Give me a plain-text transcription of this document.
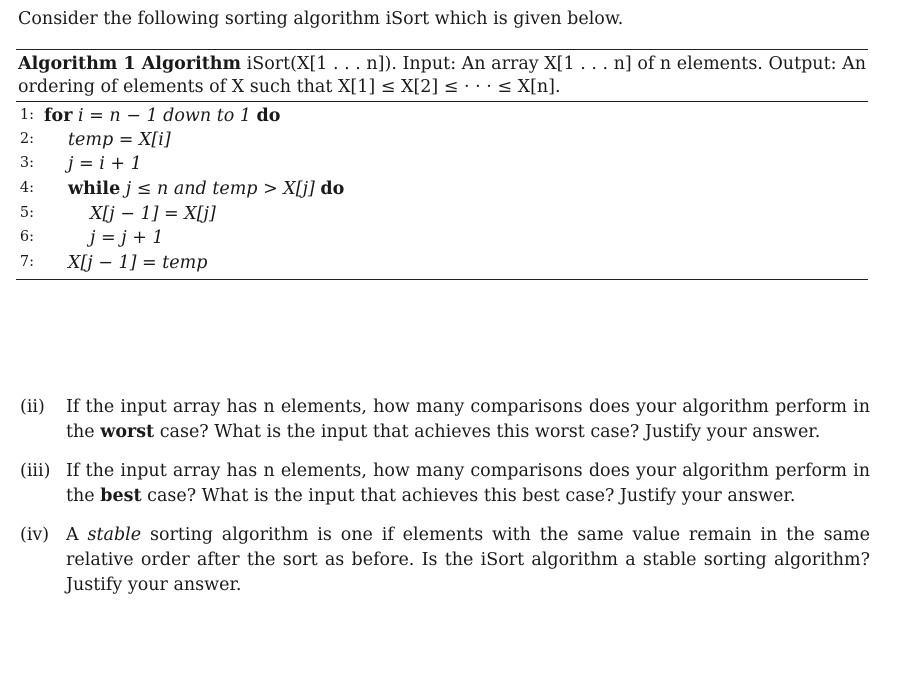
Consider the following sorting algorithm iSort which is given below.
Algorithm 1 Algorithm iSort(X[1 . . . n]). Input: An array X[1 . . . n] of n elements. Output: An ordering of elements of X such that X[1] ≤ X[2] ≤ · · · ≤ X[n].
1: for i = n − 1 down to 1 do
2: temp = X[i]
3: j = i + 1
4: while j ≤ n and temp > X[j] do
5:	X[j − 1] = X[j]
6:	j = j + 1
7: X[j − 1] = temp
(ii) If the input array has n elements, how many comparisons does your algorithm perform in the worst case? What is the input that achieves this worst case? Justify your answer.
(iii) If the input array has n elements, how many comparisons does your algorithm perform in the best case? What is the input that achieves this best case? Justify your answer.
(iv) A stable sorting algorithm is one if elements with the same value remain in the same relative order after the sort as before. Is the iSort algorithm a stable sorting algorithm? Justify your answer.
